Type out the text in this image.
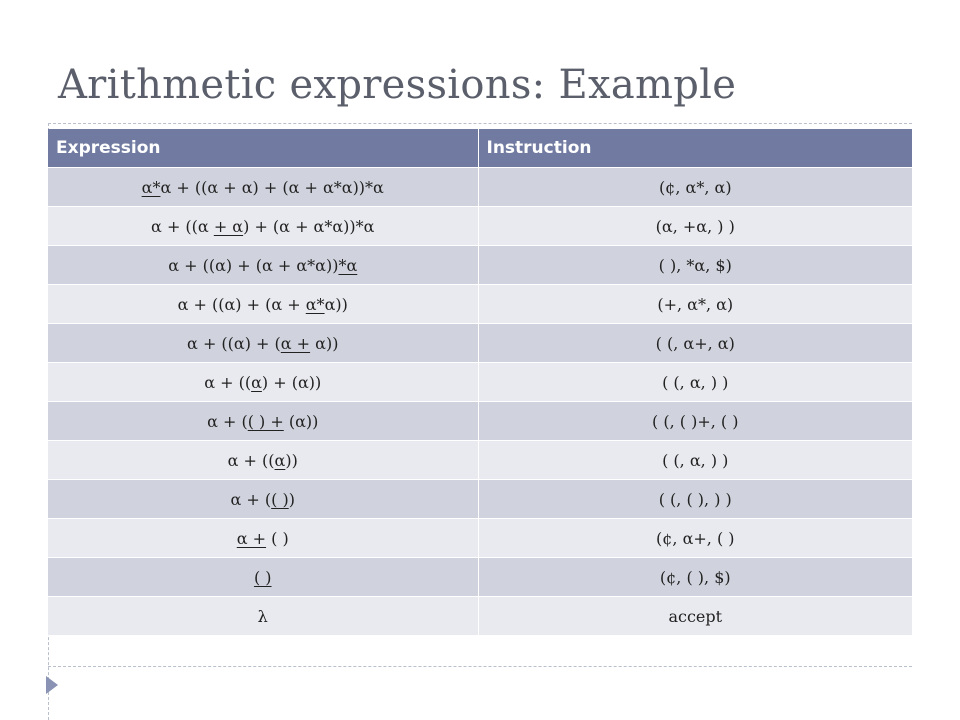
Arithmetic expressions: Example
Expression	Instruction
α*α + ((α + α) + (α + α*α))*α	(¢, α*, α)
α + ((α + α) + (α + α*α))*α	(α, +α, ) )
α + ((α) + (α + α*α))*α	( ), *α, $)
α + ((α) + (α + α*α))	(+, α*, α)
α + ((α) + (α + α))	( (, α+, α)
α + ((α) + (α))	( (, α, ) )
α + (( ) + (α))	( (, ( )+, ( )
α + ((α))	( (, α, ) )
α + (( ))	( (, ( ), ) )
α + ( )	(¢, α+, ( )
( )	(¢, ( ), $)
λ	accept
